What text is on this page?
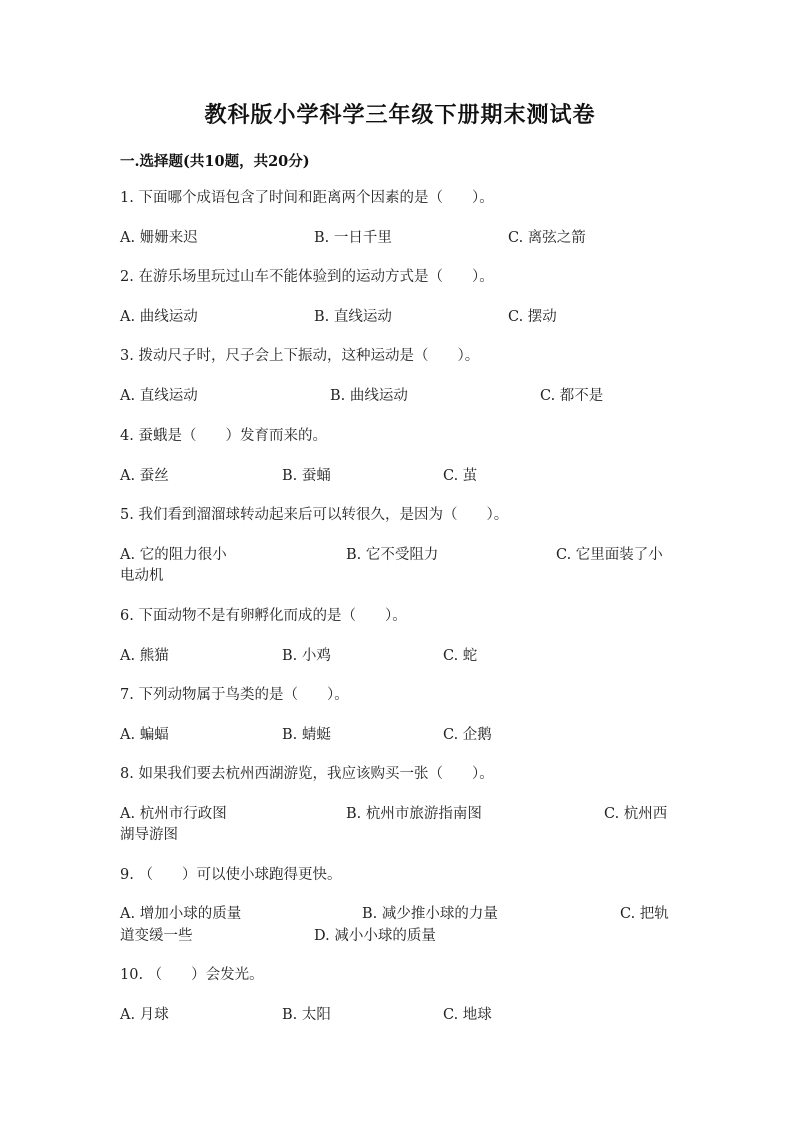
教科版小学科学三年级下册期末测试卷
一.选择题(共10题，共20分)
1. 下面哪个成语包含了时间和距离两个因素的是（　　）。
A. 姗姗来迟	B. 一日千里	C. 离弦之箭
2. 在游乐场里玩过山车不能体验到的运动方式是（　　）。
A. 曲线运动	B. 直线运动	C. 摆动
3. 拨动尺子时，尺子会上下振动，这种运动是（　　）。
A. 直线运动	B. 曲线运动	C. 都不是
4. 蚕蛾是（　　）发育而来的。
A. 蚕丝	B. 蚕蛹	C. 茧
5. 我们看到溜溜球转动起来后可以转很久，是因为（　　）。
A. 它的阻力很小	B. 它不受阻力	C. 它里面装了小
电动机
6. 下面动物不是有卵孵化而成的是（　　）。
A. 熊猫	B. 小鸡	C. 蛇
7. 下列动物属于鸟类的是（　　）。
A. 蝙蝠	B. 蜻蜓	C. 企鹅
8. 如果我们要去杭州西湖游览，我应该购买一张（　　）。
A. 杭州市行政图	B. 杭州市旅游指南图	C. 杭州西
湖导游图
9. （　　）可以使小球跑得更快。
A. 增加小球的质量	B. 减少推小球的力量	C. 把轨
道变缓一些	D. 减小小球的质量
10. （　　）会发光。
A. 月球	B. 太阳	C. 地球
